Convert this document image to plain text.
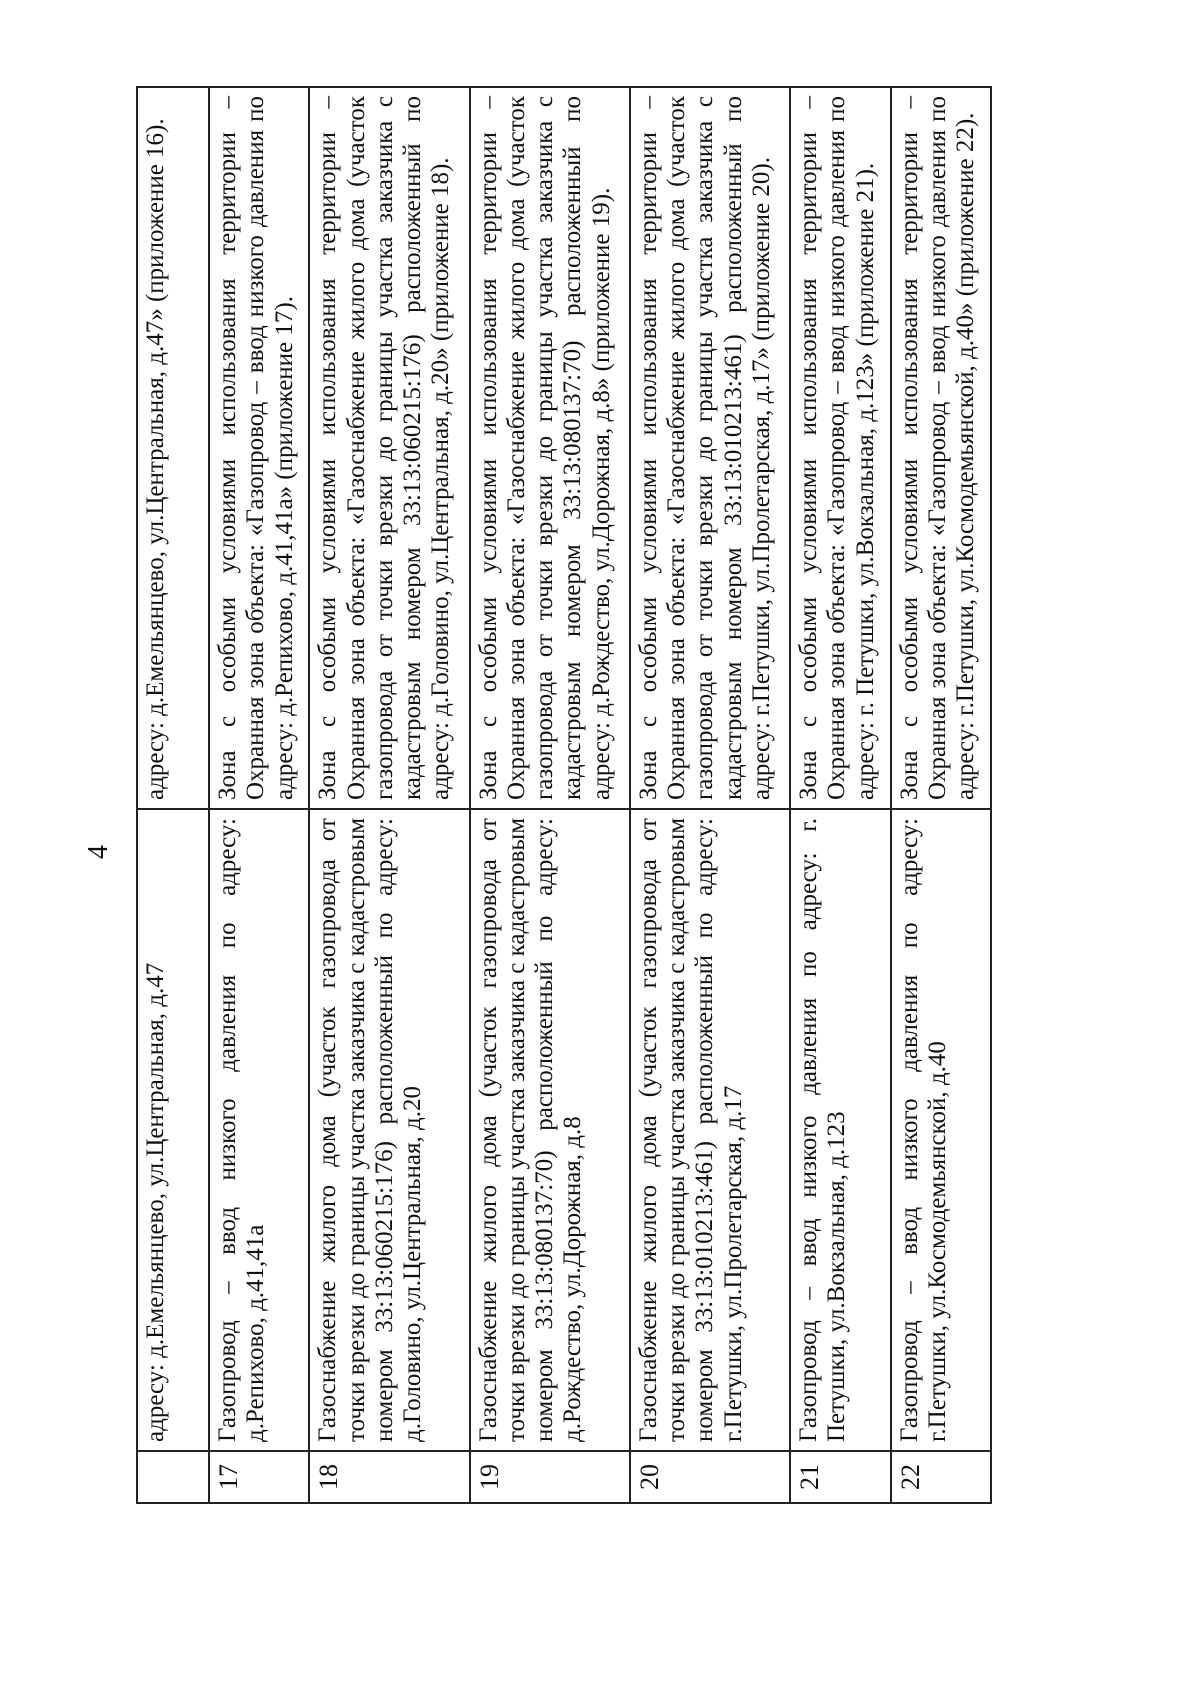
4
	адресу: д.Емельянцево, ул.Центральная, д.47	адресу: д.Емельянцево, ул.Центральная, д.47» (приложение 16).
17	Газопровод – ввод низкого давления по адресу: д.Репихово, д.41,41а	Зона с особыми условиями использования территории – Охранная зона объекта: «Газопровод – ввод низкого давления по адресу: д.Репихово, д.41,41а» (приложение 17).
18	Газоснабжение жилого дома (участок газопровода от точки врезки до границы участка заказчика с кадастровым номером 33:13:060215:176) расположенный по адресу: д.Головино, ул.Центральная, д.20	Зона с особыми условиями использования территории – Охранная зона объекта: «Газоснабжение жилого дома (участок газопровода от точки врезки до границы участка заказчика с кадастровым номером 33:13:060215:176) расположенный по адресу: д.Головино, ул.Центральная, д.20» (приложение 18).
19	Газоснабжение жилого дома (участок газопровода от точки врезки до границы участка заказчика с кадастровым номером 33:13:080137:70) расположенный по адресу: д.Рождество, ул.Дорожная, д.8	Зона с особыми условиями использования территории – Охранная зона объекта: «Газоснабжение жилого дома (участок газопровода от точки врезки до границы участка заказчика с кадастровым номером 33:13:080137:70) расположенный по адресу: д.Рождество, ул.Дорожная, д.8» (приложение 19).
20	Газоснабжение жилого дома (участок газопровода от точки врезки до границы участка заказчика с кадастровым номером 33:13:010213:461) расположенный по адресу: г.Петушки, ул.Пролетарская, д.17	Зона с особыми условиями использования территории – Охранная зона объекта: «Газоснабжение жилого дома (участок газопровода от точки врезки до границы участка заказчика с кадастровым номером 33:13:010213:461) расположенный по адресу: г.Петушки, ул.Пролетарская, д.17» (приложение 20).
21	Газопровод – ввод низкого давления по адресу: г. Петушки, ул.Вокзальная, д.123	Зона с особыми условиями использования территории – Охранная зона объекта: «Газопровод – ввод низкого давления по адресу: г. Петушки, ул.Вокзальная, д.123» (приложение 21).
22	Газопровод – ввод низкого давления по адресу: г.Петушки, ул.Космодемьянской, д.40	Зона с особыми условиями использования территории – Охранная зона объекта: «Газопровод – ввод низкого давления по адресу: г.Петушки, ул.Космодемьянской, д.40» (приложение 22).
